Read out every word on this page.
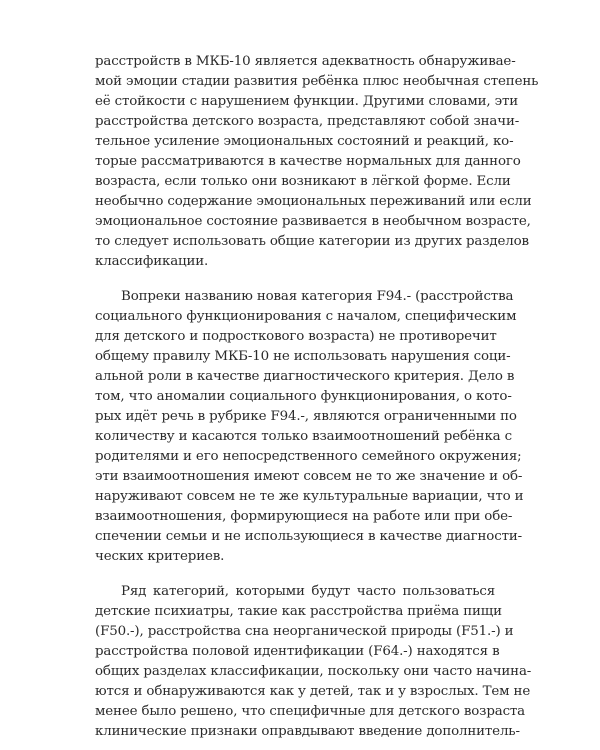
расстройств в МКБ-10 является адекватность обнаруживае-
мой эмоции стадии развития ребёнка плюс необычная степень
её стойкости с нарушением функции. Другими словами, эти
расстройства детского возраста, представляют собой значи-
тельное усиление эмоциональных состояний и реакций, ко-
торые рассматриваются в качестве нормальных для данного
возраста, если только они возникают в лёгкой форме. Если
необычно содержание эмоциональных переживаний или если
эмоциональное состояние развивается в необычном возрасте,
то следует использовать общие категории из других разделов
классификации.
Вопреки названию новая категория F94.- (расстройства
социального функционирования с началом, специфическим
для детского и подросткового возраста) не противоречит
общему правилу МКБ-10 не использовать нарушения соци-
альной роли в качестве диагностического критерия. Дело в
том, что аномалии социального функционирования, о кото-
рых идёт речь в рубрике F94.-, являются ограниченными по
количеству и касаются только взаимоотношений ребёнка с
родителями и его непосредственного семейного окружения;
эти взаимоотношения имеют совсем не то же значение и об-
наруживают совсем не те же культуральные вариации, что и
взаимоотношения, формирующиеся на работе или при обе-
спечении семьи и не использующиеся в качестве диагности-
ческих критериев.
Ряд категорий, которыми будут часто пользоваться
детские психиатры, такие как расстройства приёма пищи
(F50.-), расстройства сна неорганической природы (F51.-) и
расстройства половой идентификации (F64.-) находятся в
общих разделах классификации, поскольку они часто начина-
ются и обнаруживаются как у детей, так и у взрослых. Тем не
менее было решено, что специфичные для детского возраста
клинические признаки оправдывают введение дополнитель-
